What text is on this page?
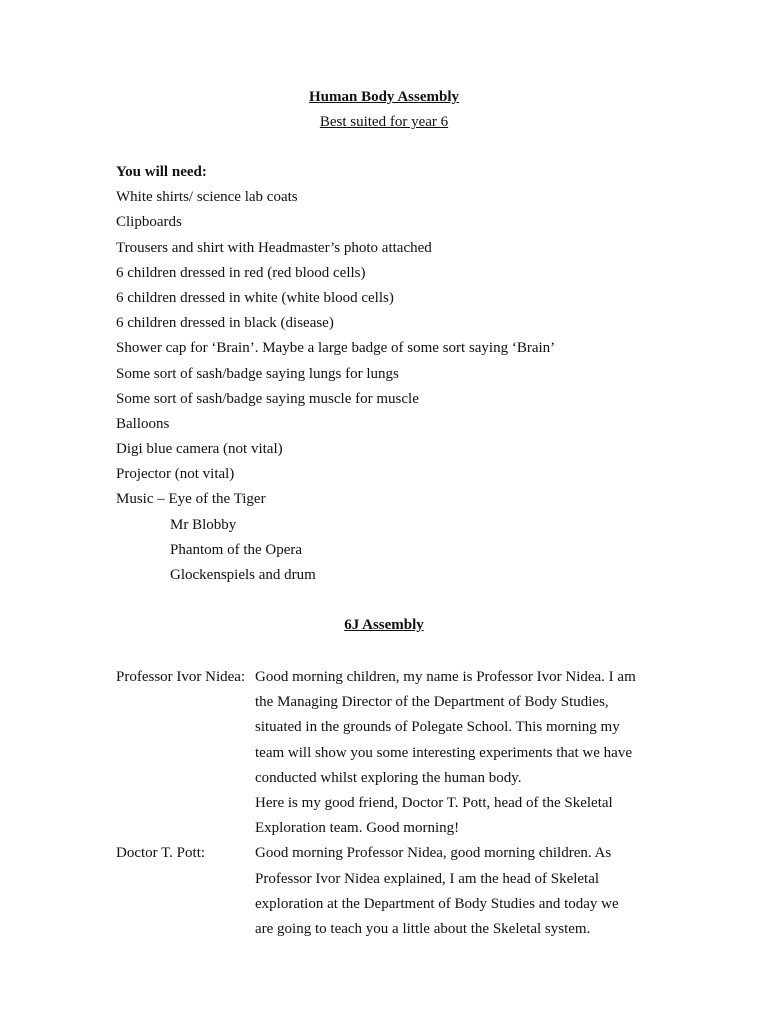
Human Body Assembly
Best suited for year 6
You will need:
White shirts/ science lab coats
Clipboards
Trousers and shirt with Headmaster’s photo attached
6 children dressed in red (red blood cells)
6 children dressed in white (white blood cells)
6 children dressed in black (disease)
Shower cap for ‘Brain’. Maybe a large badge of some sort saying ‘Brain’
Some sort of sash/badge saying lungs for lungs
Some sort of sash/badge saying muscle for muscle
Balloons
Digi blue camera (not vital)
Projector (not vital)
Music – Eye of the Tiger
Mr Blobby
Phantom of the Opera
Glockenspiels and drum
6J Assembly
Professor Ivor Nidea: Good morning children, my name is Professor Ivor Nidea. I am
the Managing Director of the Department of Body Studies,
situated in the grounds of Polegate School. This morning my
team will show you some interesting experiments that we have
conducted whilst exploring the human body.
Here is my good friend, Doctor T. Pott, head of the Skeletal
Exploration team. Good morning!
Doctor T. Pott:	Good morning Professor Nidea, good morning children. As
Professor Ivor Nidea explained, I am the head of Skeletal
exploration at the Department of Body Studies and today we
are going to teach you a little about the Skeletal system.
